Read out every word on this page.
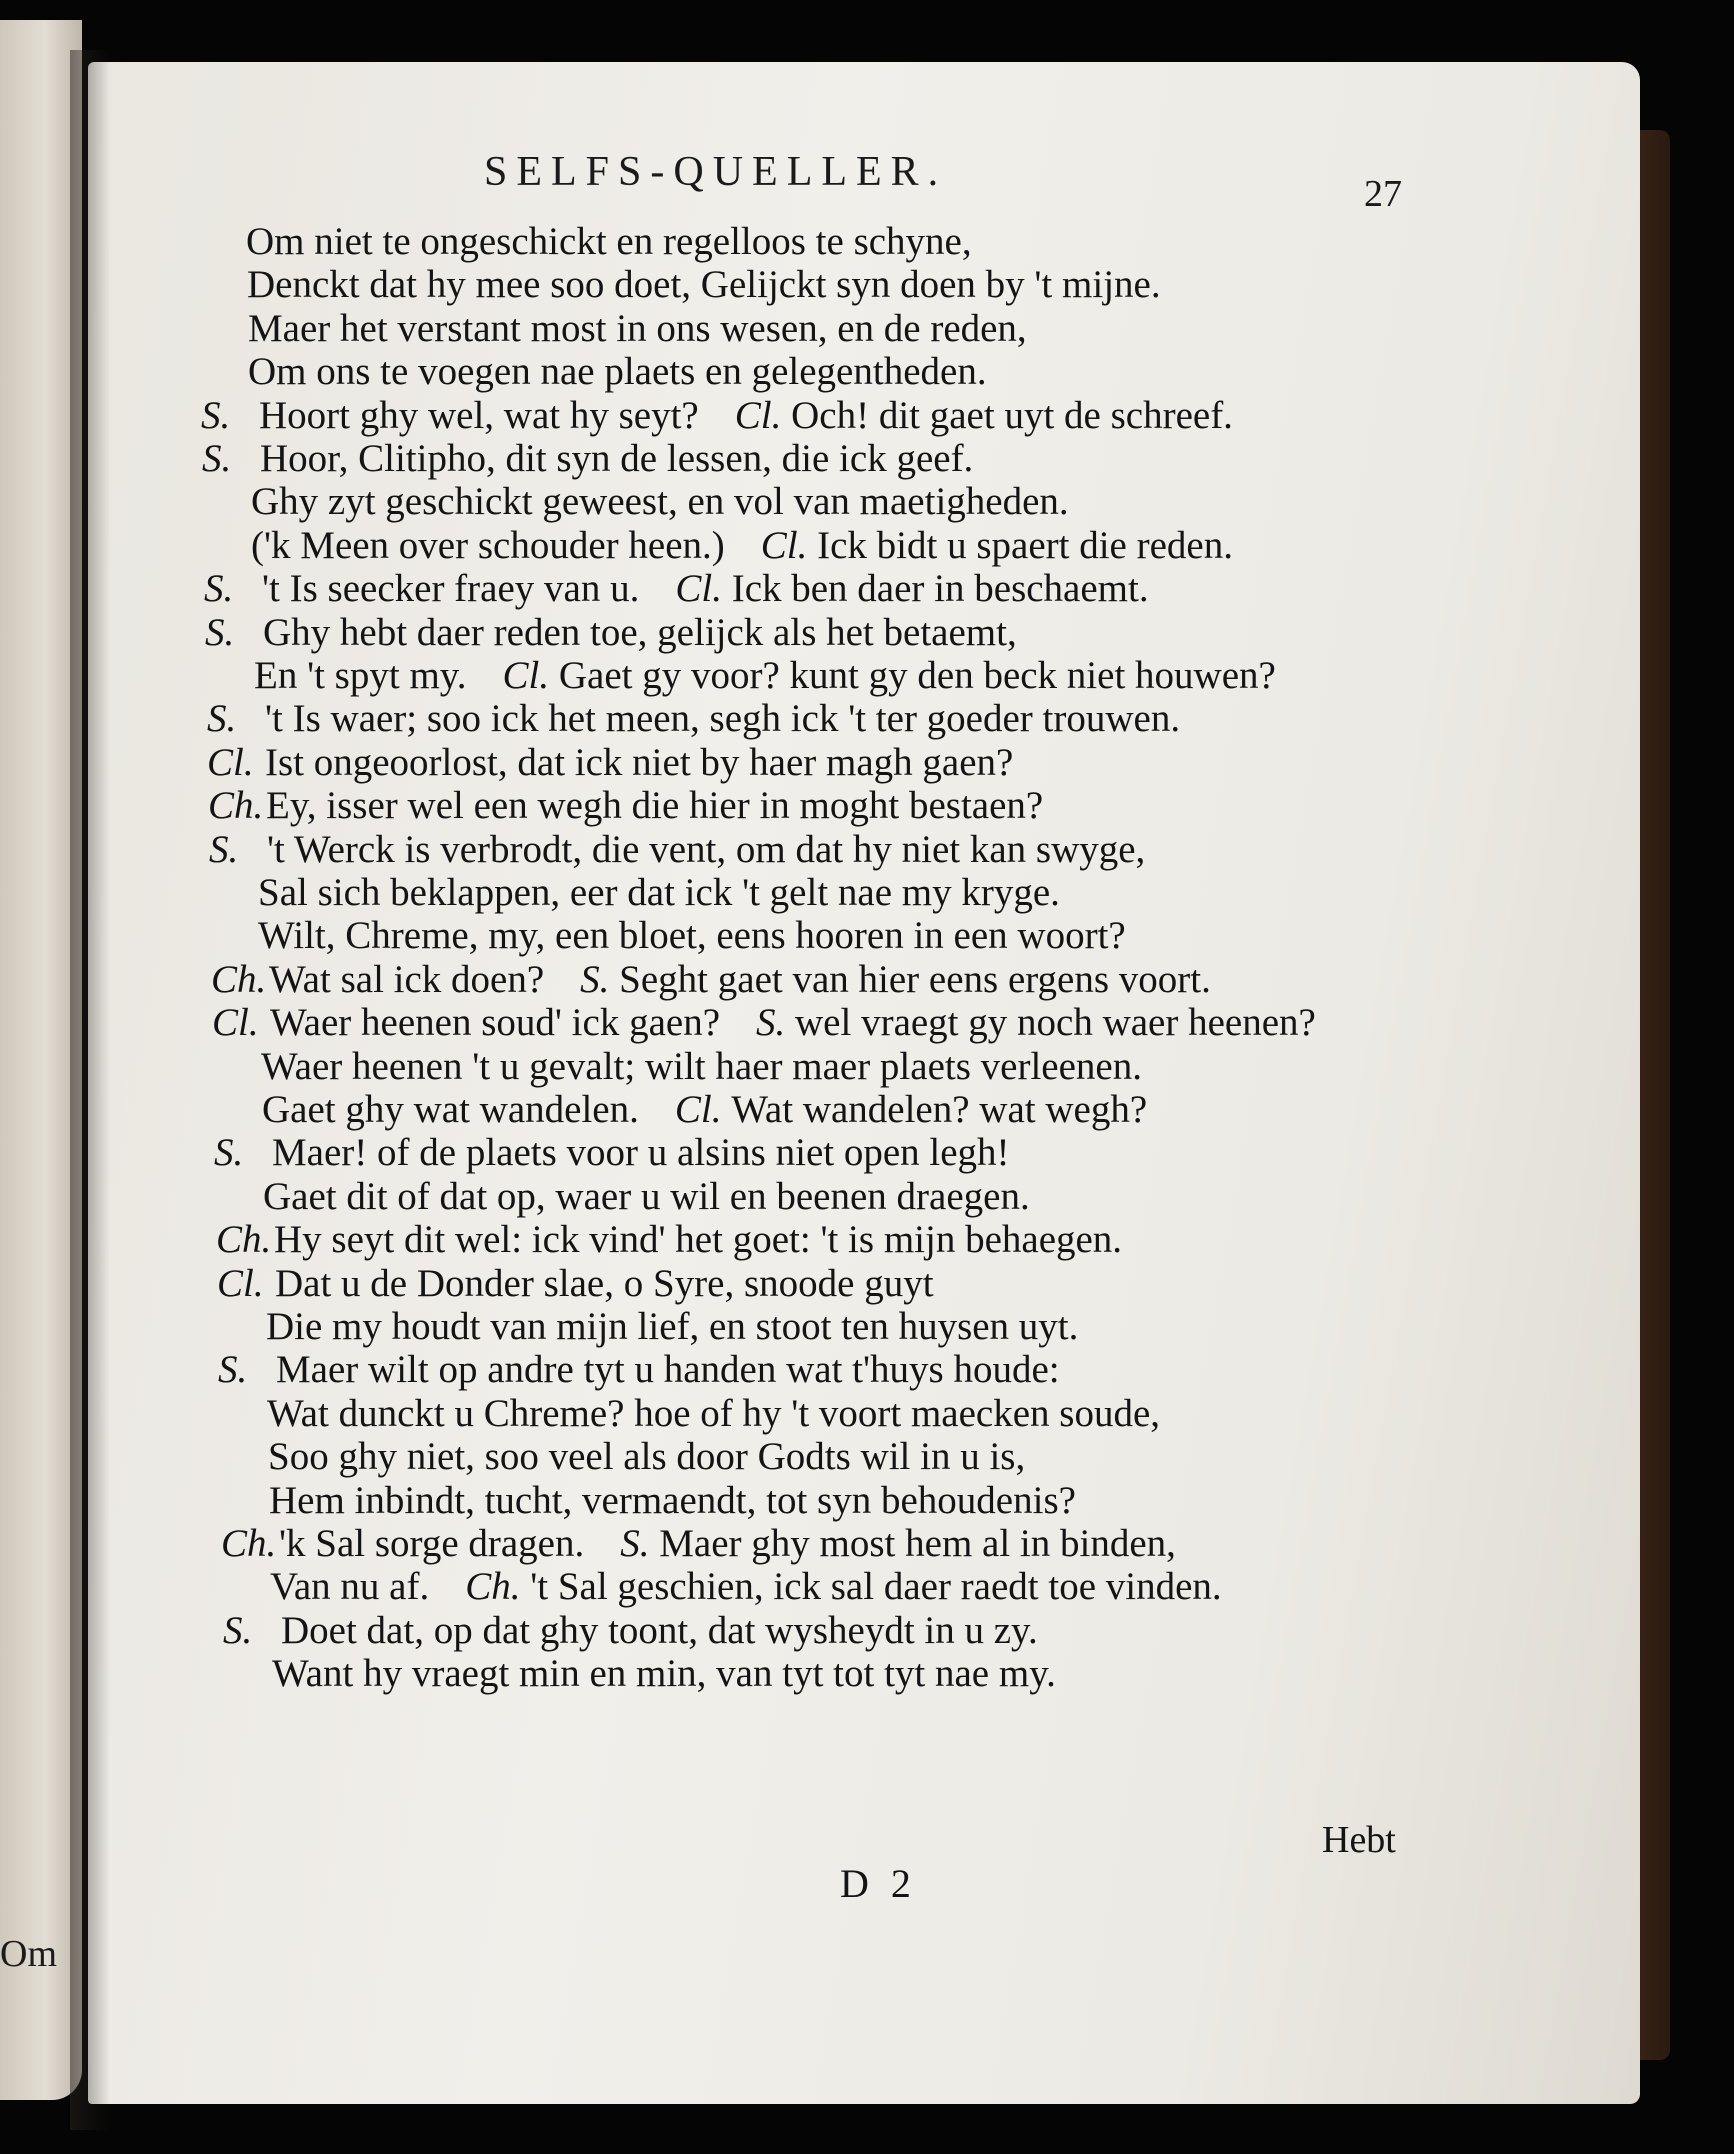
Om
SELFS-QUELLER.	27
Om niet te ongeschickt en regelloos te schyne,
Denckt dat hy mee soo doet, Gelijckt syn doen by 't mijne.
Maer het verstant most in ons wesen, en de reden,
Om ons te voegen nae plaets en gelegentheden.
S. Hoort ghy wel, wat hy seyt? Cl. Och! dit gaet uyt de schreef.
S. Hoor, Clitipho, dit syn de lessen, die ick geef.
Ghy zyt geschickt geweest, en vol van maetigheden.
('k Meen over schouder heen.) Cl. Ick bidt u spaert die reden.
S. 't Is seecker fraey van u. Cl. Ick ben daer in beschaemt.
S. Ghy hebt daer reden toe, gelijck als het betaemt,
En 't spyt my. Cl. Gaet gy voor? kunt gy den beck niet houwen?
S. 't Is waer; soo ick het meen, segh ick 't ter goeder trouwen.
Cl. Ist ongeoorlost, dat ick niet by haer magh gaen?
Ch.Ey, isser wel een wegh die hier in moght bestaen?
S. 't Werck is verbrodt, die vent, om dat hy niet kan swyge,
Sal sich beklappen, eer dat ick 't gelt nae my kryge.
Wilt, Chreme, my, een bloet, eens hooren in een woort?
Ch.Wat sal ick doen? S. Seght gaet van hier eens ergens voort.
Cl. Waer heenen soud' ick gaen? S. wel vraegt gy noch waer heenen?
Waer heenen 't u gevalt; wilt haer maer plaets verleenen.
Gaet ghy wat wandelen. Cl. Wat wandelen? wat wegh?
S. Maer! of de plaets voor u alsins niet open legh!
Gaet dit of dat op, waer u wil en beenen draegen.
Ch.Hy seyt dit wel: ick vind' het goet: 't is mijn behaegen.
Cl. Dat u de Donder slae, o Syre, snoode guyt
Die my houdt van mijn lief, en stoot ten huysen uyt.
S. Maer wilt op andre tyt u handen wat t'huys houde:
Wat dunckt u Chreme? hoe of hy 't voort maecken soude,
Soo ghy niet, soo veel als door Godts wil in u is,
Hem inbindt, tucht, vermaendt, tot syn behoudenis?
Ch.'k Sal sorge dragen. S. Maer ghy most hem al in binden,
Van nu af. Ch. 't Sal geschien, ick sal daer raedt toe vinden.
S. Doet dat, op dat ghy toont, dat wysheydt in u zy.
Want hy vraegt min en min, van tyt tot tyt nae my.
Hebt
D 2
